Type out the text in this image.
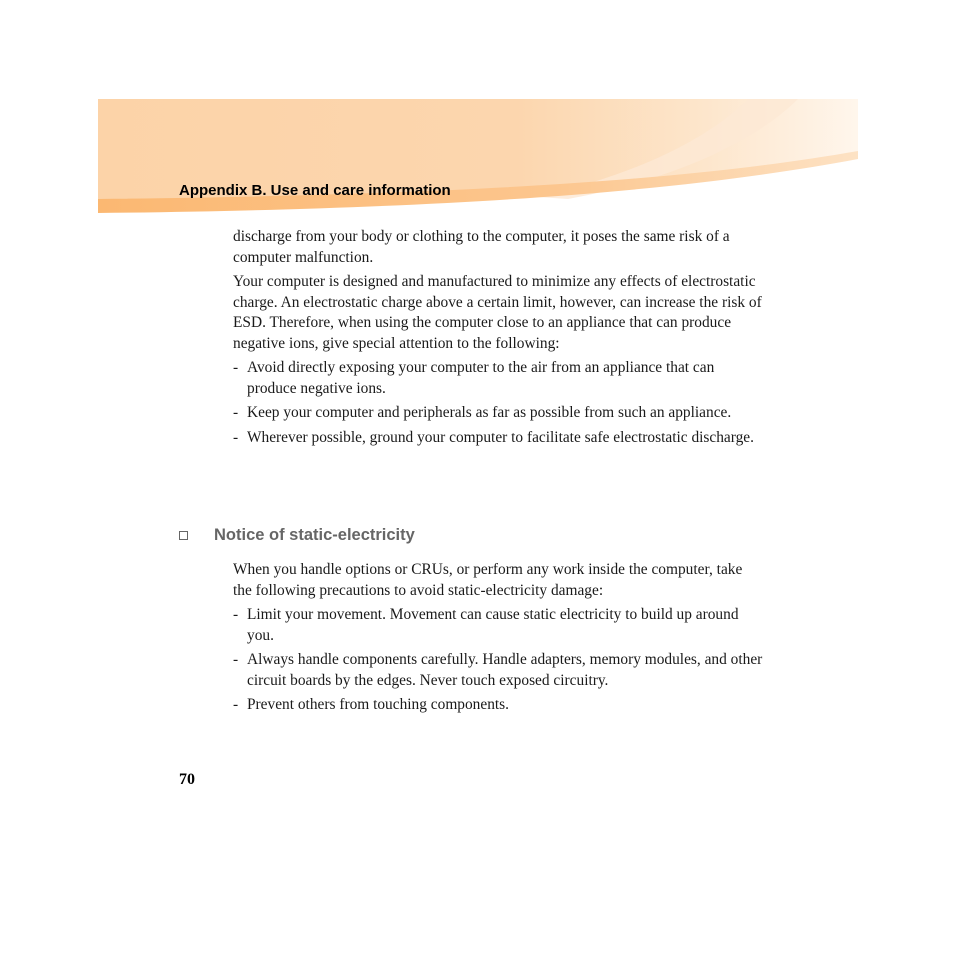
Appendix B. Use and care information

discharge from your body or clothing to the computer, it poses the same risk of a computer malfunction.

Your computer is designed and manufactured to minimize any effects of electrostatic charge. An electrostatic charge above a certain limit, however, can increase the risk of ESD. Therefore, when using the computer close to an appliance that can produce negative ions, give special attention to the following:

- Avoid directly exposing your computer to the air from an appliance that can produce negative ions.
- Keep your computer and peripherals as far as possible from such an appliance.
- Wherever possible, ground your computer to facilitate safe electrostatic discharge.
Notice of static-electricity

When you handle options or CRUs, or perform any work inside the computer, take the following precautions to avoid static-electricity damage:

- Limit your movement. Movement can cause static electricity to build up around you.
- Always handle components carefully. Handle adapters, memory modules, and other circuit boards by the edges. Never touch exposed circuitry.
- Prevent others from touching components.
70
